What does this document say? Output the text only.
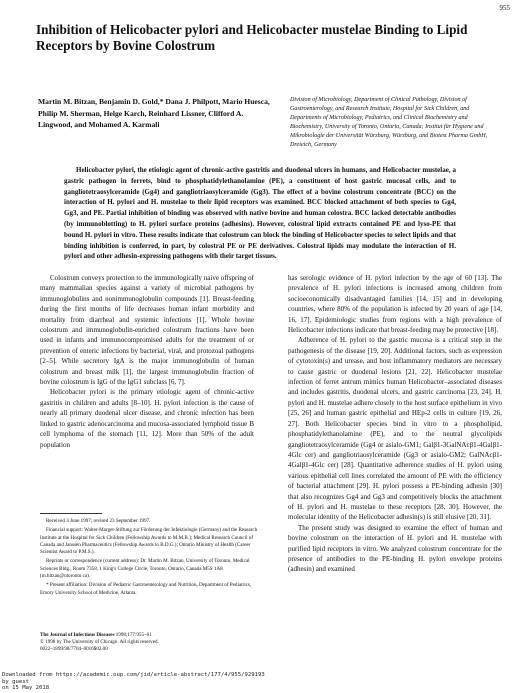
955
Inhibition of Helicobacter pylori and Helicobacter mustelae Binding to Lipid Receptors by Bovine Colostrum
Martin M. Bitzan, Benjamin D. Gold,* Dana J. Philpott, Mario Huesca, Philip M. Sherman, Helge Karch, Reinhard Lissner, Clifford A. Lingwood, and Mohamed A. Karmali
Division of Microbiology, Department of Clinical Pathology, Division of Gastroenterology, and Research Institute, Hospital for Sick Children, and Departments of Microbiology, Pediatrics, and Clinical Biochemistry and Biochemistry, University of Toronto, Ontario, Canada; Institut für Hygiene und Mikrobiologie der Universität Würzburg, Würzburg, and Biotest Pharma GmbH, Dreieich, Germany
Helicobacter pylori, the etiologic agent of chronic-active gastritis and duodenal ulcers in humans, and Helicobacter mustelae, a gastric pathogen in ferrets, bind to phosphatidylethanolamine (PE), a constituent of host gastric mucosal cells, and to gangliotetraosylceramide (Gg4) and gangliotriaosylceramide (Gg3). The effect of a bovine colostrum concentrate (BCC) on the interaction of H. pylori and H. mustelae to their lipid receptors was examined. BCC blocked attachment of both species to Gg4, Gg3, and PE. Partial inhibition of binding was observed with native bovine and human colostra. BCC lacked detectable antibodies (by immunoblotting) to H. pylori surface proteins (adhesins). However, colostral lipid extracts contained PE and lyso-PE that bound H. pylori in vitro. These results indicate that colostrum can block the binding of Helicobacter species to select lipids and that binding inhibition is conferred, in part, by colostral PE or PE derivatives. Colostral lipids may modulate the interaction of H. pylori and other adhesin-expressing pathogens with their target tissues.

Colostrum conveys protection to the immunologically naive offspring of many mammalian species against a variety of microbial pathogens by immunoglobulins and nonimmunoglobulin compounds [1]. Breast-feeding during the first months of life decreases human infant morbidity and mortality from diarrheal and systemic infections [1]. Whole bovine colostrum and immunoglobulin-enriched colostrum fractions have been used in infants and immunocompromised adults for the treatment of or prevention of enteric infections by bacterial, viral, and protozoal pathogens [2–5]. While secretory IgA is the major immunoglobulin of human colostrum and breast milk [1], the largest immunoglobulin fraction of bovine colostrum is IgG of the IgG1 subclass [6, 7].

Helicobacter pylori is the primary etiologic agent of chronic-active gastritis in children and adults [8–10]. H. pylori infection is the cause of nearly all primary duodenal ulcer disease, and chronic infection has been linked to gastric adenocarcinoma and mucosa-associated lymphoid tissue B cell lymphoma of the stomach [11, 12]. More than 50% of the adult population

has serologic evidence of H. pylori infection by the age of 60 [13]. The prevalence of H. pylori infections is increased among children from socioeconomically disadvantaged families [14, 15] and in developing countries, where 80% of the population is infected by 20 years of age [14, 16, 17]. Epidemiologic studies from regions with a high prevalence of Helicobacter infections indicate that breast-feeding may be protective [18].

Adherence of H. pylori to the gastric mucosa is a critical step in the pathogenesis of the disease [19, 20]. Additional factors, such as expression of cytotoxin(s) and urease, and host inflammatory mediators are necessary to cause gastric or duodenal lesions [21, 22]. Helicobacter mustelae infection of ferret antrum mimics human Helicobacter–associated diseases and includes gastritis, duodenal ulcers, and gastric carcinoma [23, 24]. H. pylori and H. mustelae adhere closely to the host surface epithelium in vivo [25, 26] and human gastric epithelial and HEp-2 cells in culture [19, 26, 27]. Both Helicobacter species bind in vitro to a phospholipid, phosphatidylethanolamine (PE), and to the neutral glycolipids gangliotetraosylceramide (Gg4 or asialo-GM1; Galβ1-3GalNAcβ1-4Galβ1-4Glc cer) and gangliotriaosylceramide (Gg3 or asialo-GM2; GalNAcβ1-4Galβ1-4Glc cer) [28]. Quantitative adherence studies of H. pylori using various epithelial cell lines correlated the amount of PE with the efficiency of bacterial attachment [29]. H. pylori possess a PE-binding adhesin [30] that also recognizes Gg4 and Gg3 and competitively blocks the attachment of H. pylori and H. mustelae to these receptors [28, 30]. However, the molecular identity of the Helicobacter adhesin(s) is still elusive [20, 31].

The present study was designed to examine the effect of human and bovine colostrum on the interaction of H. pylori and H. mustelae with purified lipid receptors in vitro. We analyzed colostrum concentrate for the presence of antibodies to the PE-binding H. pylori envelope proteins (adhesin) and examined

Received 3 June 1997; revised 23 September 1997.

Financial support: Walter-Marget-Stiftung zur Förderung der Infektiologie (Germany) and the Research Institute at the Hospital for Sick Children (Fellowship Awards to M.M.B.); Medical Research Council of Canada and Janssen Pharmaceutics (Fellowship Awards to B.D.G.); Ontario Ministry of Health (Career Scientist Award to P.M.S.).

Reprints or correspondence (current address): Dr. Martin M. Bitzan, University of Toronto, Medical Sciences Bldg., Room 7358, 1 King's College Circle, Toronto, Ontario, Canada M5S 1A8 (m.bitzan@utoronto.ca).

* Present affiliation: Division of Pediatric Gastroenterology and Nutrition, Department of Pediatrics, Emory University School of Medicine, Atlanta.

The Journal of Infectious Diseases 1998;177:955–61
© 1998 by The University of Chicago. All rights reserved.
0022–1899/98/7704–0016$02.00
Downloaded from https://academic.oup.com/jid/article-abstract/177/4/955/929193
by guest
on 15 May 2018
